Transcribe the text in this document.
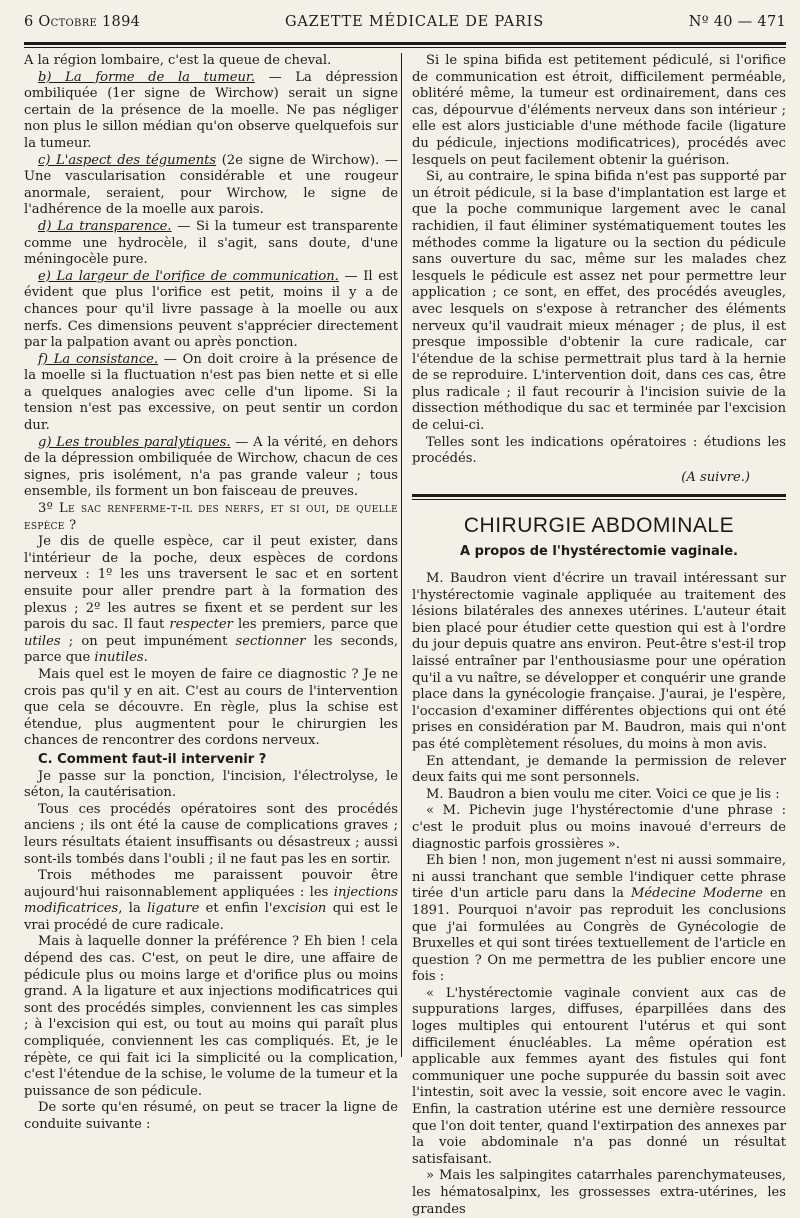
6 Octobre 1894	GAZETTE MÉDICALE DE PARIS	Nº 40 — 471

A la région lombaire, c'est la queue de cheval.

b) La forme de la tumeur. — La dépression ombiliquée (1er signe de Wirchow) serait un signe certain de la présence de la moelle. Ne pas négliger non plus le sillon médian qu'on observe quelquefois sur la tumeur.

c) L'aspect des téguments (2e signe de Wirchow). — Une vascularisation considérable et une rougeur anormale, seraient, pour Wirchow, le signe de l'adhérence de la moelle aux parois.

d) La transparence. — Si la tumeur est transparente comme une hydrocèle, il s'agit, sans doute, d'une méningocèle pure.

e) La largeur de l'orifice de communication. — Il est évident que plus l'orifice est petit, moins il y a de chances pour qu'il livre passage à la moelle ou aux nerfs. Ces dimensions peuvent s'apprécier directement par la palpation avant ou après ponction.

f) La consistance. — On doit croire à la présence de la moelle si la fluctuation n'est pas bien nette et si elle a quelques analogies avec celle d'un lipome. Si la tension n'est pas excessive, on peut sentir un cordon dur.

g) Les troubles paralytiques. — A la vérité, en dehors de la dépression ombiliquée de Wirchow, chacun de ces signes, pris isolément, n'a pas grande valeur ; tous ensemble, ils forment un bon faisceau de preuves.

3º Le sac renferme-t-il des nerfs, et si oui, de quelle espèce ?

Je dis de quelle espèce, car il peut exister, dans l'intérieur de la poche, deux espèces de cordons nerveux : 1º les uns traversent le sac et en sortent ensuite pour aller prendre part à la formation des plexus ; 2º les autres se fixent et se perdent sur les parois du sac. Il faut respecter les premiers, parce que utiles ; on peut impunément sectionner les seconds, parce que inutiles.

Mais quel est le moyen de faire ce diagnostic ? Je ne crois pas qu'il y en ait. C'est au cours de l'intervention que cela se découvre. En règle, plus la schise est étendue, plus augmentent pour le chirurgien les chances de rencontrer des cordons nerveux.

C. Comment faut-il intervenir ?

Je passe sur la ponction, l'incision, l'électrolyse, le séton, la cautérisation.

Tous ces procédés opératoires sont des procédés anciens ; ils ont été la cause de complications graves ; leurs résultats étaient insuffisants ou désastreux ; aussi sont-ils tombés dans l'oubli ; il ne faut pas les en sortir.

Trois méthodes me paraissent pouvoir être aujourd'hui raisonnablement appliquées : les injections modificatrices, la ligature et enfin l'excision qui est le vrai procédé de cure radicale.

Mais à laquelle donner la préférence ? Eh bien ! cela dépend des cas. C'est, on peut le dire, une affaire de pédicule plus ou moins large et d'orifice plus ou moins grand. A la ligature et aux injections modificatrices qui sont des procédés simples, conviennent les cas simples ; à l'excision qui est, ou tout au moins qui paraît plus compliquée, conviennent les cas compliqués. Et, je le répète, ce qui fait ici la simplicité ou la complication, c'est l'étendue de la schise, le volume de la tumeur et la puissance de son pédicule.

De sorte qu'en résumé, on peut se tracer la ligne de conduite suivante :

Si le spina bifida est petitement pédiculé, si l'orifice de communication est étroit, difficilement perméable, oblitéré même, la tumeur est ordinairement, dans ces cas, dépourvue d'éléments nerveux dans son intérieur ; elle est alors justiciable d'une méthode facile (ligature du pédicule, injections modificatrices), procédés avec lesquels on peut facilement obtenir la guérison.

Si, au contraire, le spina bifida n'est pas supporté par un étroit pédicule, si la base d'implantation est large et que la poche communique largement avec le canal rachidien, il faut éliminer systématiquement toutes les méthodes comme la ligature ou la section du pédicule sans ouverture du sac, même sur les malades chez lesquels le pédicule est assez net pour permettre leur application ; ce sont, en effet, des procédés aveugles, avec lesquels on s'expose à retrancher des éléments nerveux qu'il vaudrait mieux ménager ; de plus, il est presque impossible d'obtenir la cure radicale, car l'étendue de la schise permettrait plus tard à la hernie de se reproduire. L'intervention doit, dans ces cas, être plus radicale ; il faut recourir à l'incision suivie de la dissection méthodique du sac et terminée par l'excision de celui-ci.

Telles sont les indications opératoires : étudions les procédés.

(A suivre.)
CHIRURGIE ABDOMINALE
A propos de l'hystérectomie vaginale.

M. Baudron vient d'écrire un travail intéressant sur l'hystérectomie vaginale appliquée au traitement des lésions bilatérales des annexes utérines. L'auteur était bien placé pour étudier cette question qui est à l'ordre du jour depuis quatre ans environ. Peut-être s'est-il trop laissé entraîner par l'enthousiasme pour une opération qu'il a vu naître, se développer et conquérir une grande place dans la gynécologie française. J'aurai, je l'espère, l'occasion d'examiner différentes objections qui ont été prises en considération par M. Baudron, mais qui n'ont pas été complètement résolues, du moins à mon avis.

En attendant, je demande la permission de relever deux faits qui me sont personnels.

M. Baudron a bien voulu me citer. Voici ce que je lis :

« M. Pichevin juge l'hystérectomie d'une phrase : c'est le produit plus ou moins inavoué d'erreurs de diagnostic parfois grossières ».

Eh bien ! non, mon jugement n'est ni aussi sommaire, ni aussi tranchant que semble l'indiquer cette phrase tirée d'un article paru dans la Médecine Moderne en 1891. Pourquoi n'avoir pas reproduit les conclusions que j'ai formulées au Congrès de Gynécologie de Bruxelles et qui sont tirées textuellement de l'article en question ? On me permettra de les publier encore une fois :

« L'hystérectomie vaginale convient aux cas de suppurations larges, diffuses, éparpillées dans des loges multiples qui entourent l'utérus et qui sont difficilement énucléables. La même opération est applicable aux femmes ayant des fistules qui font communiquer une poche suppurée du bassin soit avec l'intestin, soit avec la vessie, soit encore avec le vagin. Enfin, la castration utérine est une dernière ressource que l'on doit tenter, quand l'extirpation des annexes par la voie abdominale n'a pas donné un résultat satisfaisant.

» Mais les salpingites catarrhales parenchymateuses, les hématosalpinx, les grossesses extra-utérines, les grandes
